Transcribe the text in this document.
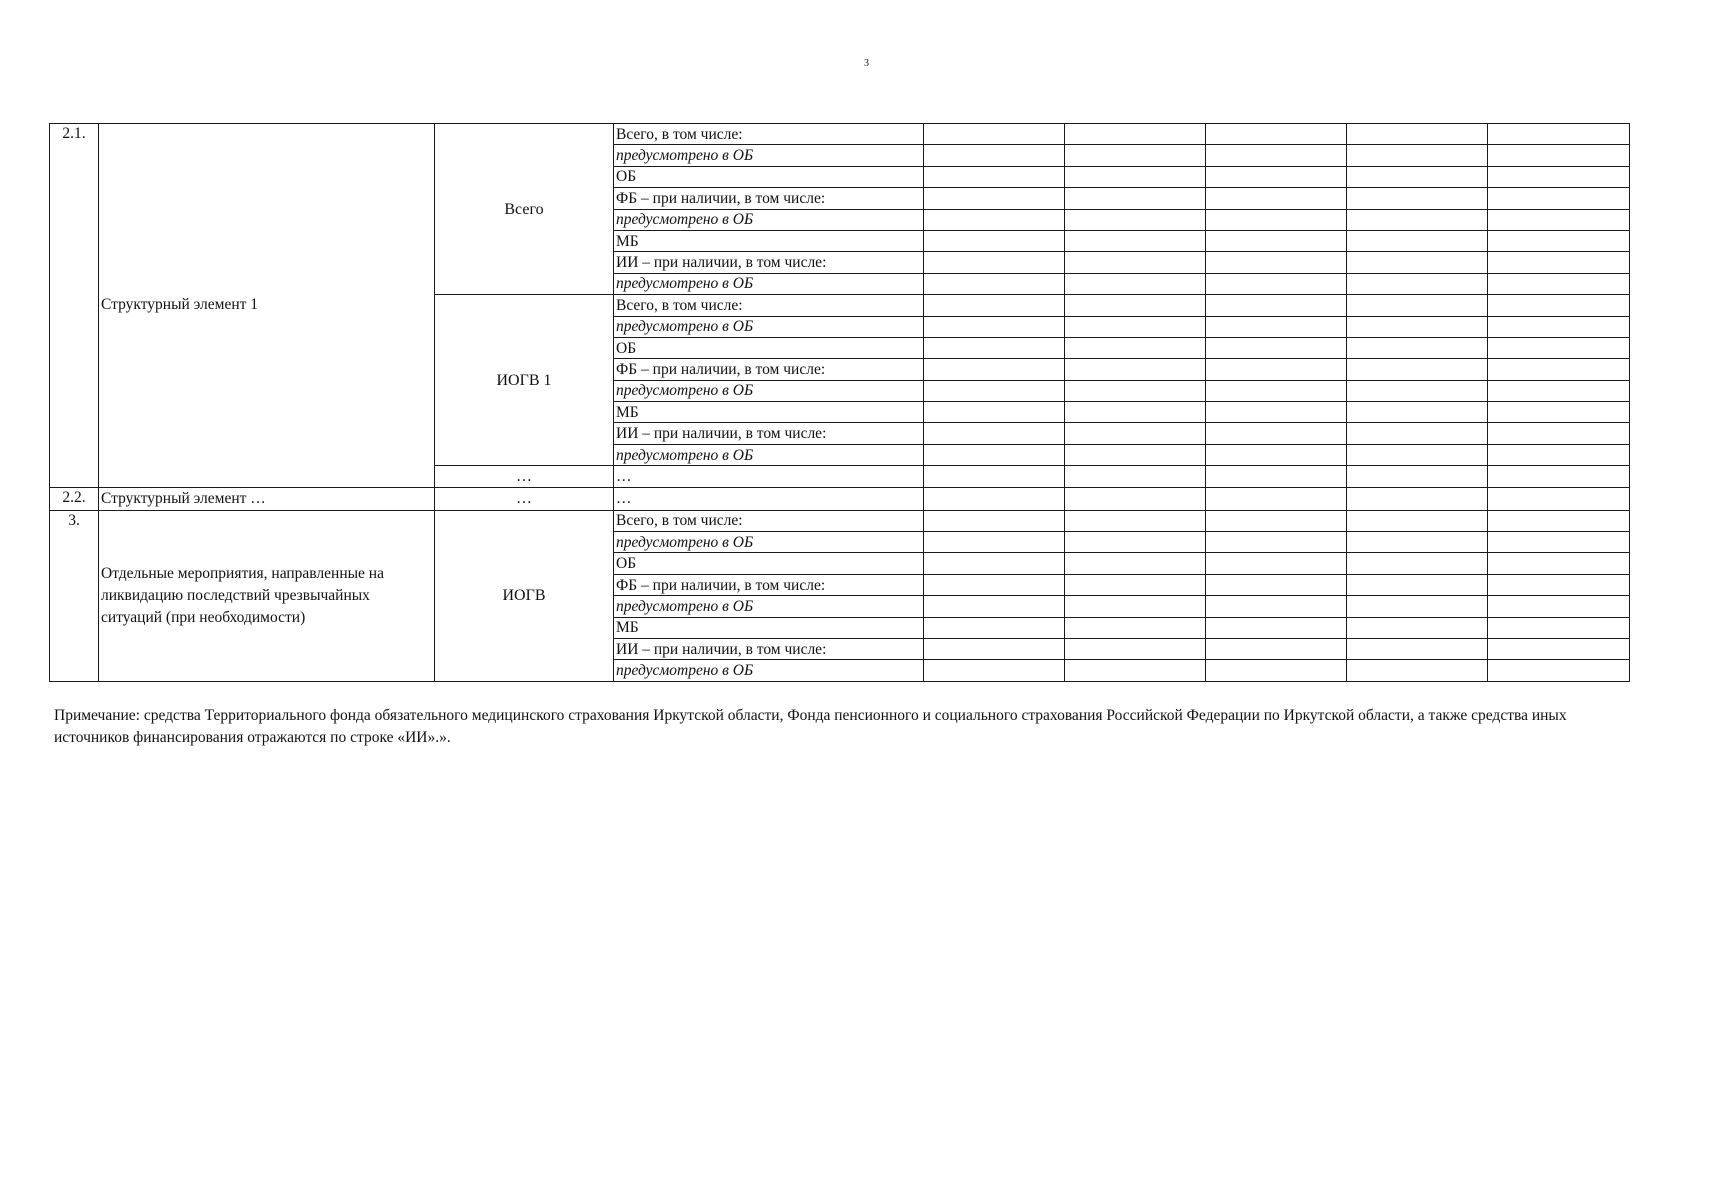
3
2.1.	Структурный элемент 1	Всего	Всего, в том числе:					
			предусмотрено в ОБ					
			ОБ					
			ФБ – при наличии, в том числе:					
			предусмотрено в ОБ					
			МБ					
			ИИ – при наличии, в том числе:					
			предусмотрено в ОБ					
		ИОГВ 1	Всего, в том числе:					
			предусмотрено в ОБ					
			ОБ					
			ФБ – при наличии, в том числе:					
			предусмотрено в ОБ					
			МБ					
			ИИ – при наличии, в том числе:					
			предусмотрено в ОБ					
		…	…					
2.2.	Структурный элемент …	…	…					
3.	Отдельные мероприятия, направленные на ликвидацию последствий чрезвычайных ситуаций (при необходимости)	ИОГВ	Всего, в том числе:					
			предусмотрено в ОБ					
			ОБ					
			ФБ – при наличии, в том числе:					
			предусмотрено в ОБ					
			МБ					
			ИИ – при наличии, в том числе:					
			предусмотрено в ОБ					
Примечание: средства Территориального фонда обязательного медицинского страхования Иркутской области, Фонда пенсионного и социального страхования Российской Федерации по Иркутской области, а также средства иных источников финансирования отражаются по строке «ИИ».».
